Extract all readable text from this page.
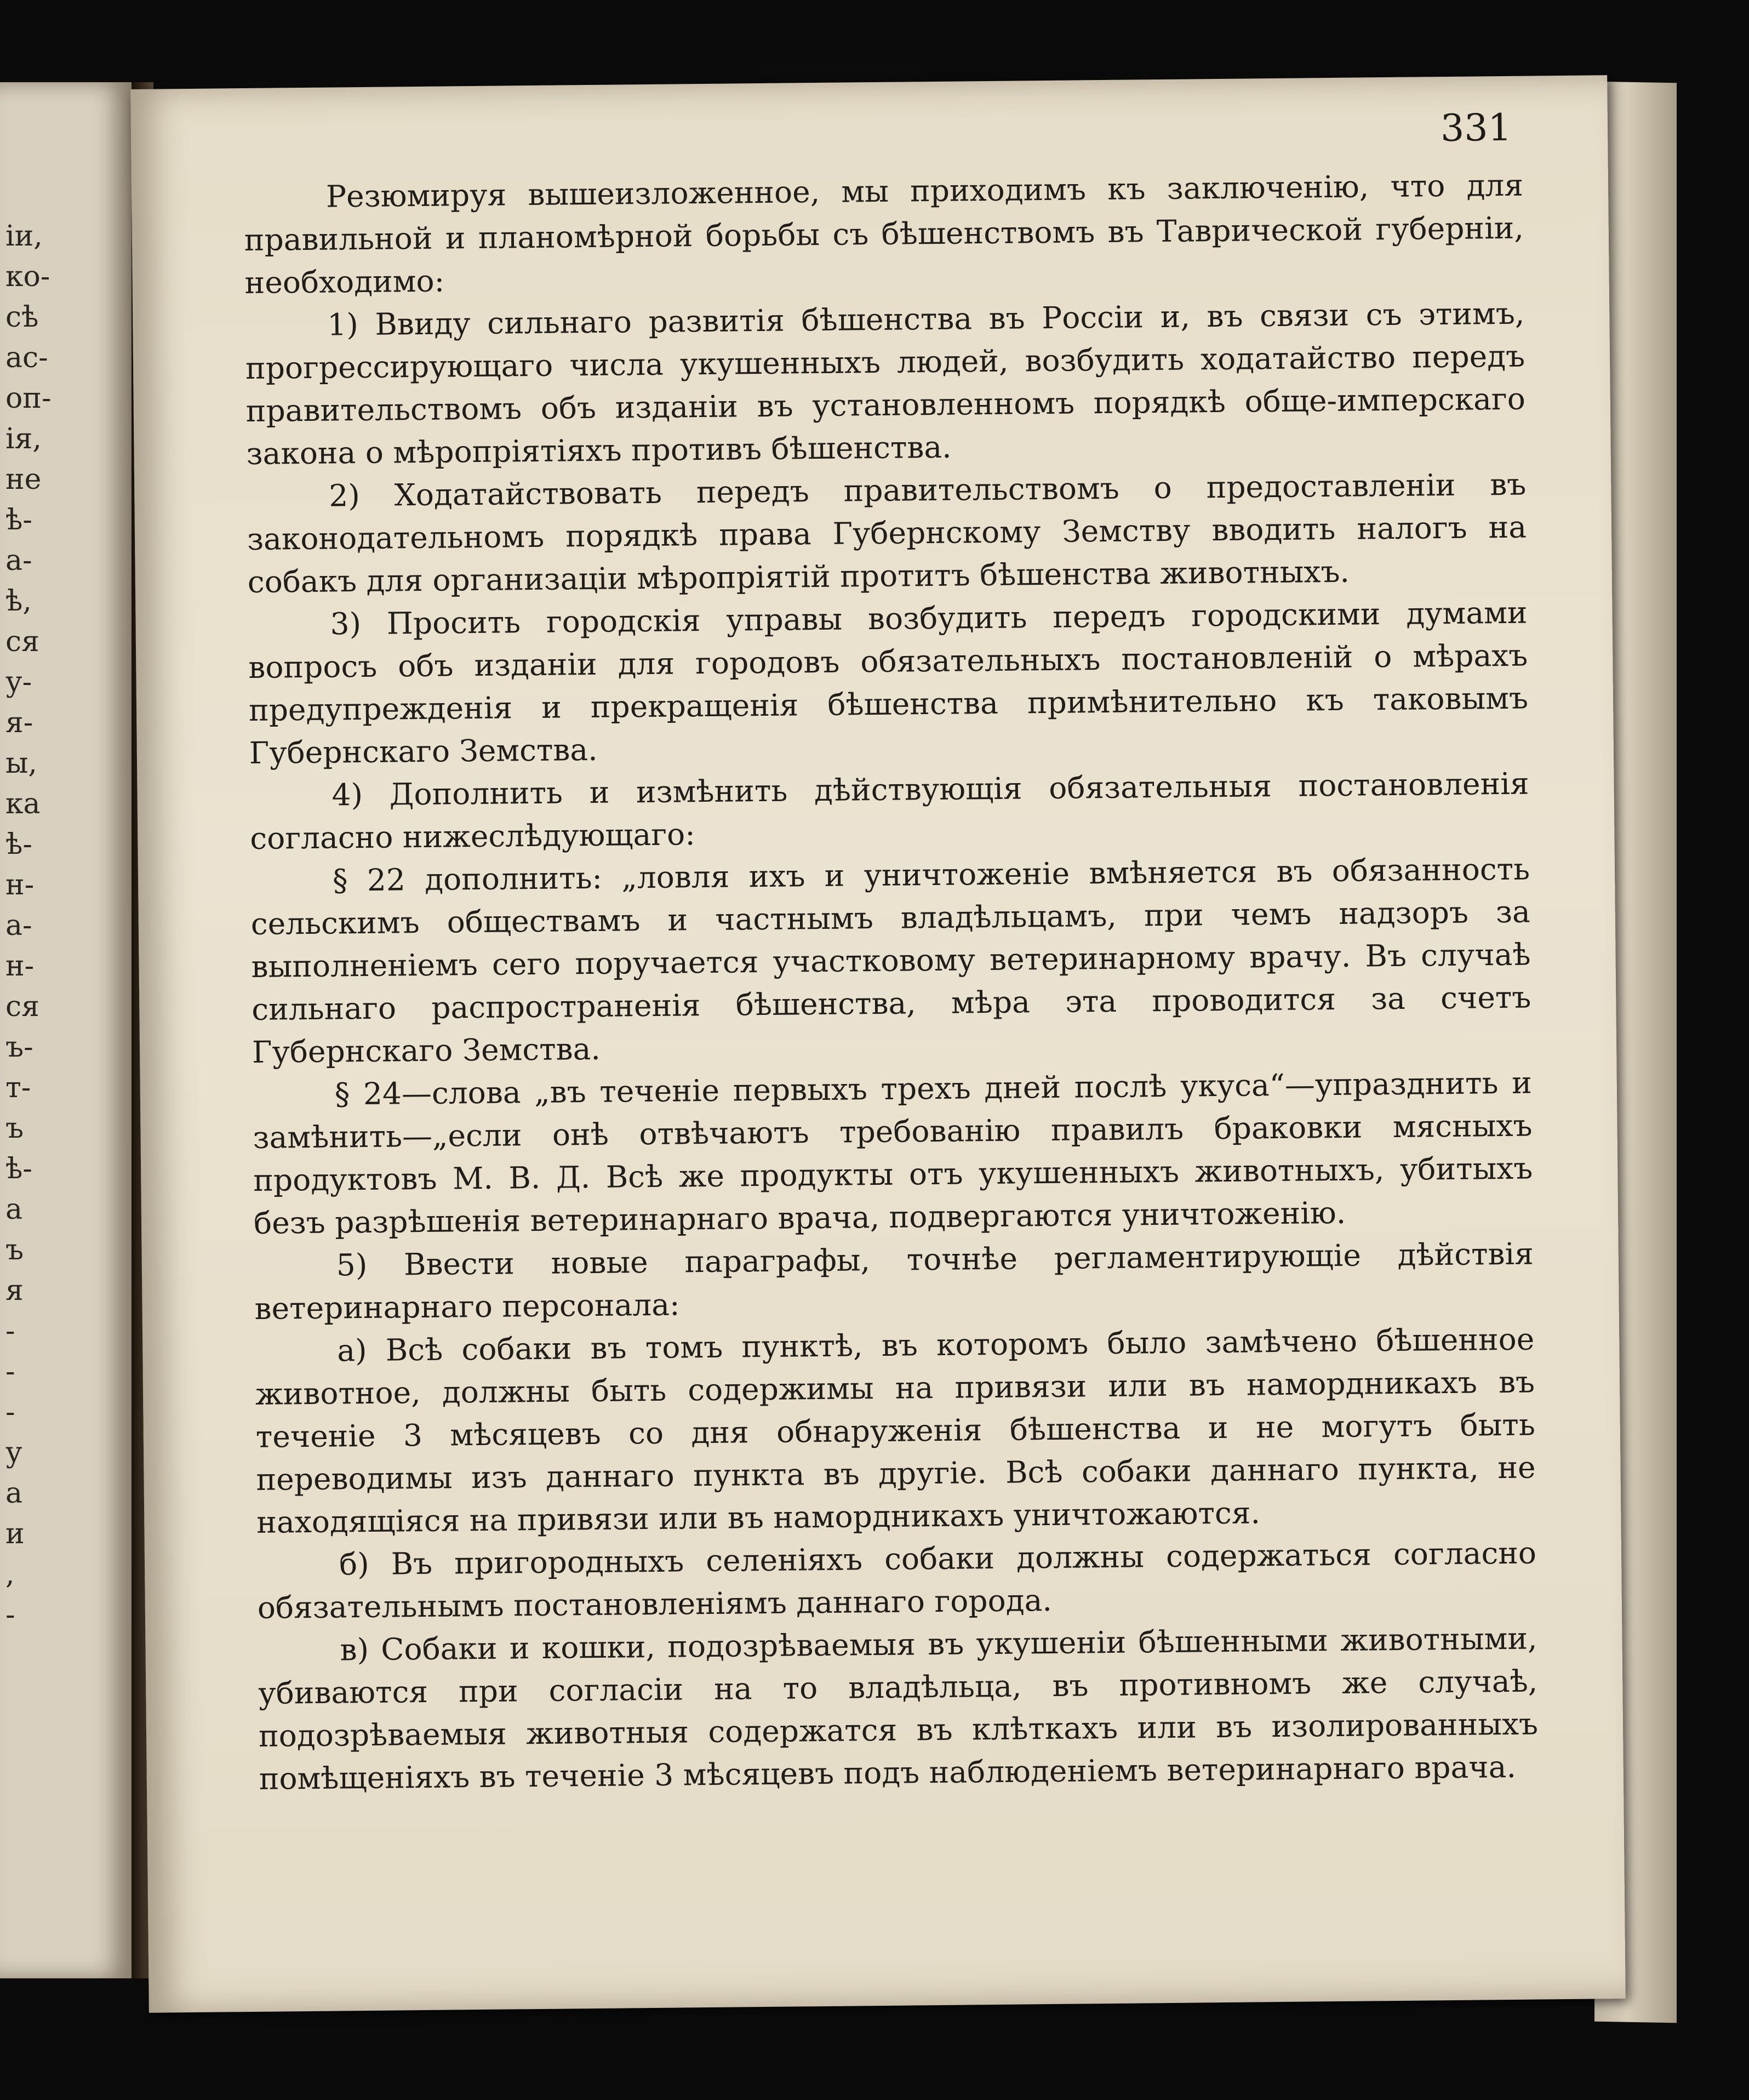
iи,
ко-
сѣ
ас-
оп-
iя,
не
ѣ-
а-
ѣ,
ся
у-
я-
ы,
ка
ѣ-
н-
а-
н-
ся
ъ-
т-
ъ
ѣ-
а
ъ
я
-
-
-
у
а
и
,
-
331

Резюмируя вышеизложенное, мы приходимъ къ заключенiю, что для правильной и планомѣрной борьбы съ бѣшенствомъ въ Таврической губернiи, необходимо:

1) Ввиду сильнаго развитiя бѣшенства въ Россiи и, въ связи съ этимъ, прогрессирующаго числа укушенныхъ людей, возбудить ходатайство передъ правительствомъ объ изданiи въ установленномъ порядкѣ обще-имперскаго закона о мѣропрiятiяхъ противъ бѣшенства.

2) Ходатайствовать передъ правительствомъ о предоставленiи въ законодательномъ порядкѣ права Губернскому Земству вводить налогъ на собакъ для организацiи мѣропрiятiй протитъ бѣшенства животныхъ.

3) Просить городскiя управы возбудить передъ городскими думами вопросъ объ изданiи для городовъ обязательныхъ постановленiй о мѣрахъ предупрежденiя и прекращенiя бѣшенства примѣнительно къ таковымъ Губернскаго Земства.

4) Дополнить и измѣнить дѣйствующiя обязательныя постановленiя согласно нижеслѣдующаго:

§ 22 дополнить: „ловля ихъ и уничтоженiе вмѣняется въ обязанность сельскимъ обществамъ и частнымъ владѣльцамъ, при чемъ надзоръ за выполненiемъ сего поручается участковому ветеринарному врачу. Въ случаѣ сильнаго распространенiя бѣшенства, мѣра эта проводится за счетъ Губернскаго Земства.

§ 24—слова „въ теченiе первыхъ трехъ дней послѣ укуса“—упразднить и замѣнить—„если онѣ отвѣчаютъ требованiю правилъ браковки мясныхъ продуктовъ М. В. Д. Всѣ же продукты отъ укушенныхъ животныхъ, убитыхъ безъ разрѣшенiя ветеринарнаго врача, подвергаются уничтоженiю.

5) Ввести новые параграфы, точнѣе регламентирующiе дѣйствiя ветеринарнаго персонала:

а) Всѣ собаки въ томъ пунктѣ, въ которомъ было замѣчено бѣшенное животное, должны быть содержимы на привязи или въ намордникахъ въ теченiе 3 мѣсяцевъ со дня обнаруженiя бѣшенства и не могутъ быть переводимы изъ даннаго пункта въ другiе. Всѣ собаки даннаго пункта, не находящiяся на привязи или въ намордникахъ уничтожаются.

б) Въ пригородныхъ селенiяхъ собаки должны содержаться согласно обязательнымъ постановленiямъ даннаго города.

в) Собаки и кошки, подозрѣваемыя въ укушенiи бѣшенными животными, убиваются при согласiи на то владѣльца, въ противномъ же случаѣ, подозрѣваемыя животныя содержатся въ клѣткахъ или въ изолированныхъ помѣщенiяхъ въ теченiе 3 мѣсяцевъ подъ наблюденiемъ ветеринарнаго врача.
